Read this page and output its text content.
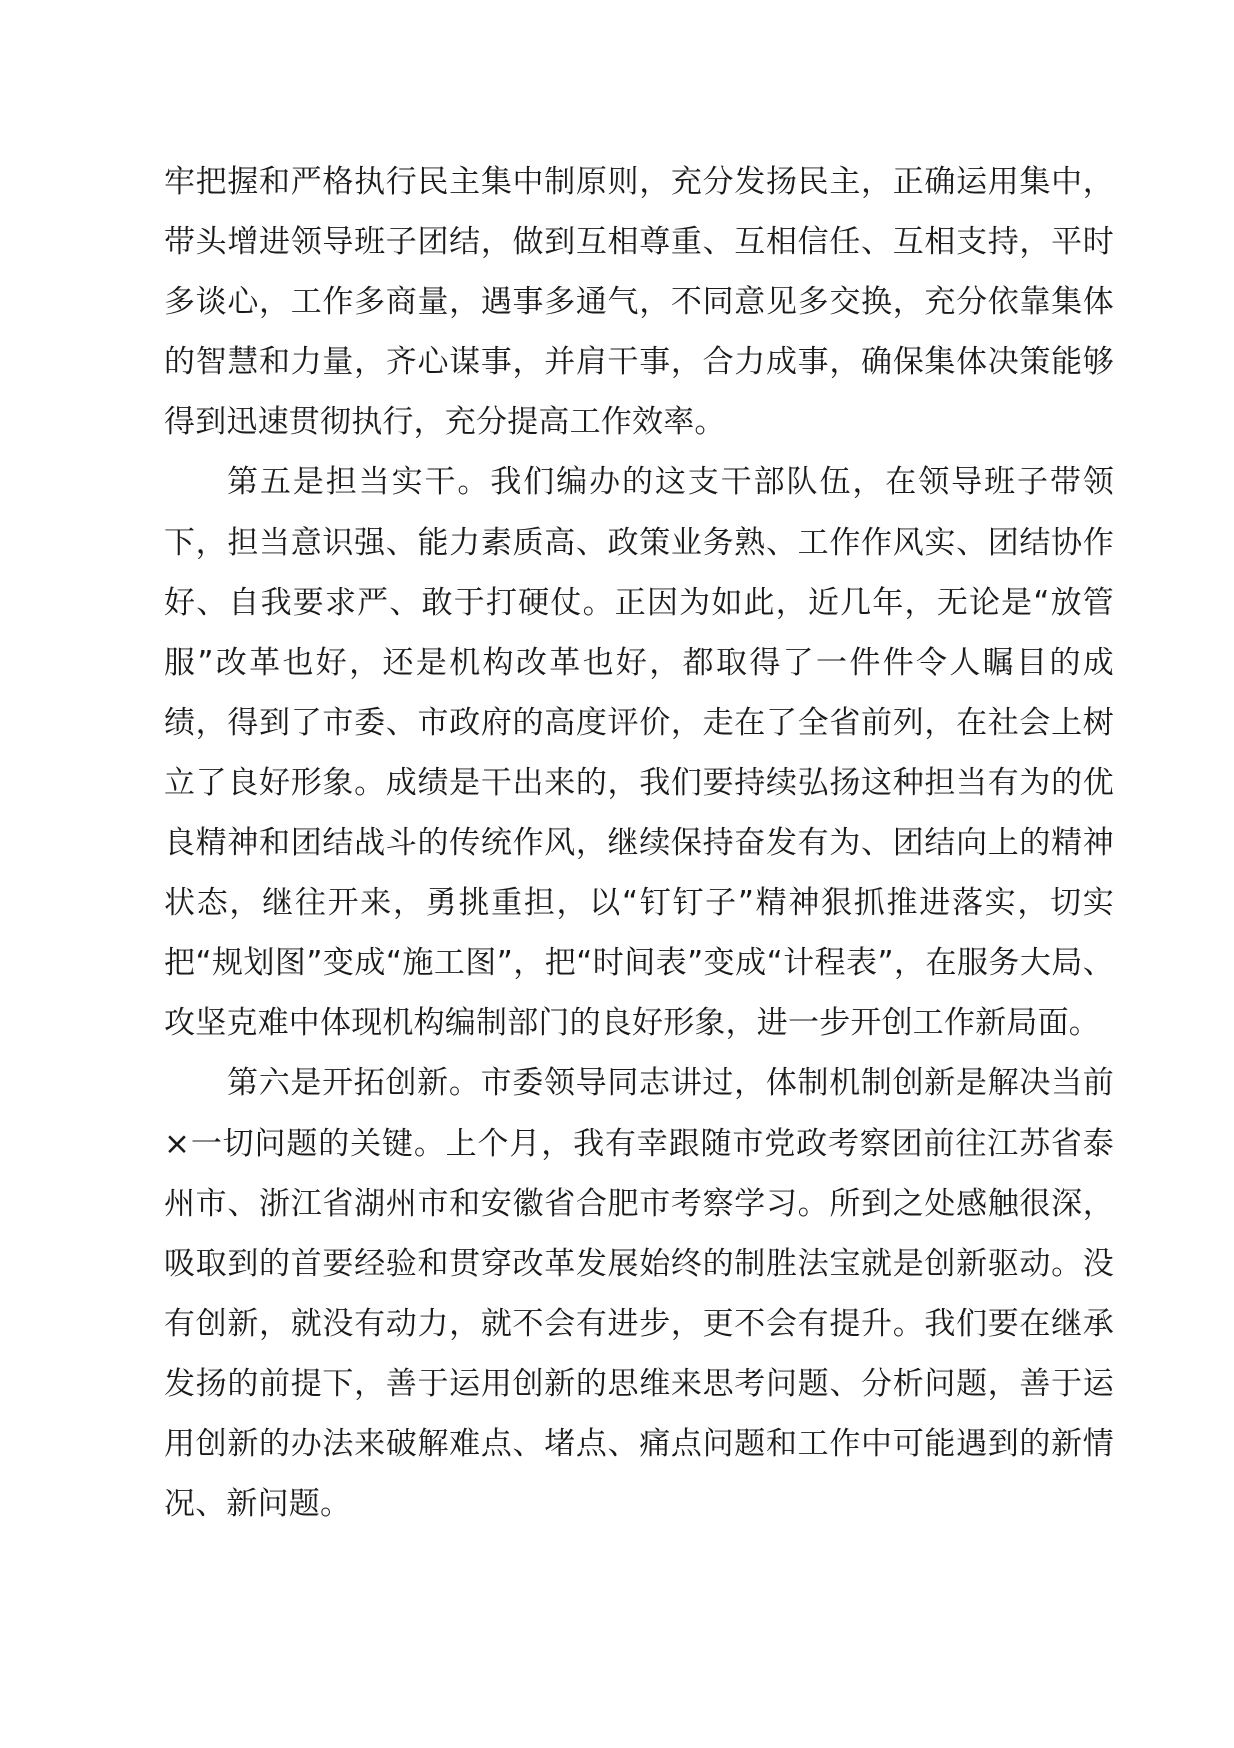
牢把握和严格执行民主集中制原则，充分发扬民主，正确运用集中，带头增进领导班子团结，做到互相尊重、互相信任、互相支持，平时多谈心，工作多商量，遇事多通气，不同意见多交换，充分依靠集体的智慧和力量，齐心谋事，并肩干事，合力成事，确保集体决策能够得到迅速贯彻执行，充分提高工作效率。

第五是担当实干。我们编办的这支干部队伍，在领导班子带领下，担当意识强、能力素质高、政策业务熟、工作作风实、团结协作好、自我要求严、敢于打硬仗。正因为如此，近几年，无论是“放管服”改革也好，还是机构改革也好，都取得了一件件令人瞩目的成绩，得到了市委、市政府的高度评价，走在了全省前列，在社会上树立了良好形象。成绩是干出来的，我们要持续弘扬这种担当有为的优良精神和团结战斗的传统作风，继续保持奋发有为、团结向上的精神状态，继往开来，勇挑重担，以“钉钉子”精神狠抓推进落实，切实把“规划图”变成“施工图”，把“时间表”变成“计程表”，在服务大局、攻坚克难中体现机构编制部门的良好形象，进一步开创工作新局面。

第六是开拓创新。市委领导同志讲过，体制机制创新是解决当前×一切问题的关键。上个月，我有幸跟随市党政考察团前往江苏省泰州市、浙江省湖州市和安徽省合肥市考察学习。所到之处感触很深，吸取到的首要经验和贯穿改革发展始终的制胜法宝就是创新驱动。没有创新，就没有动力，就不会有进步，更不会有提升。我们要在继承发扬的前提下，善于运用创新的思维来思考问题、分析问题，善于运用创新的办法来破解难点、堵点、痛点问题和工作中可能遇到的新情况、新问题。
